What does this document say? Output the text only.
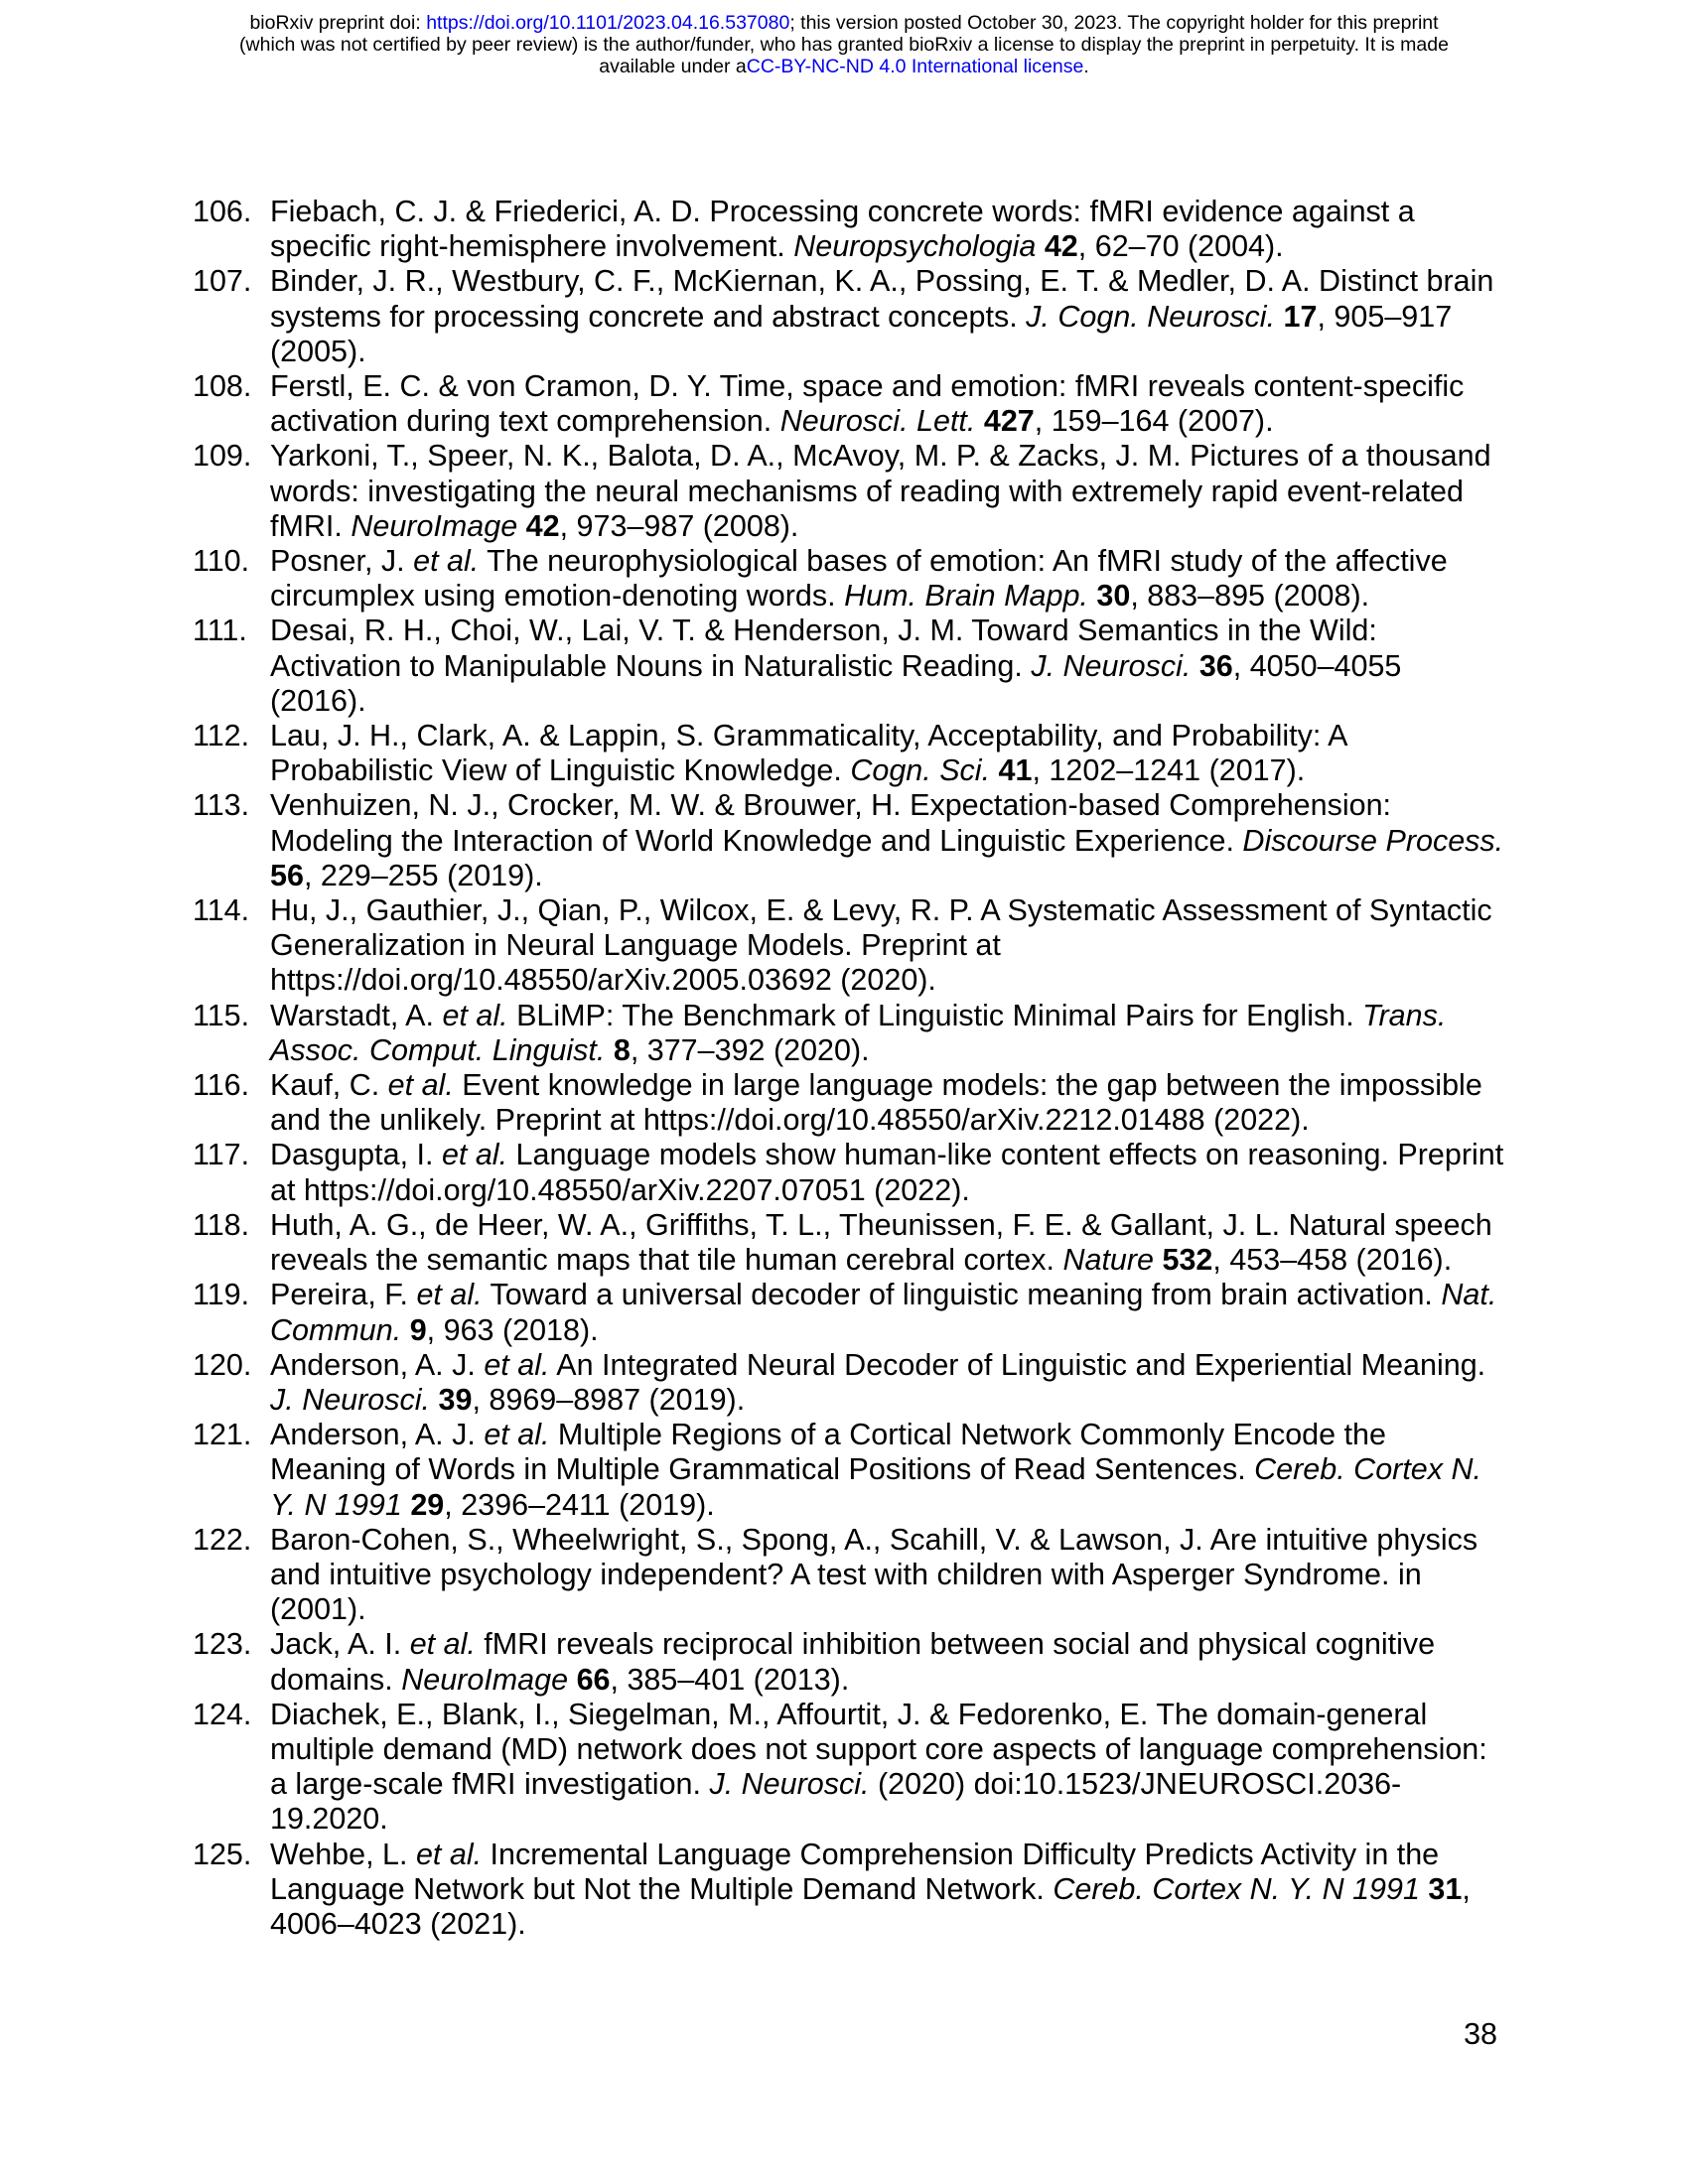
bioRxiv preprint doi: https://doi.org/10.1101/2023.04.16.537080; this version posted October 30, 2023. The copyright holder for this preprint
(which was not certified by peer review) is the author/funder, who has granted bioRxiv a license to display the preprint in perpetuity. It is made
available under aCC-BY-NC-ND 4.0 International license.
106. Fiebach, C. J. & Friederici, A. D. Processing concrete words: fMRI evidence against a specific right-hemisphere involvement. Neuropsychologia 42, 62–70 (2004).
107. Binder, J. R., Westbury, C. F., McKiernan, K. A., Possing, E. T. & Medler, D. A. Distinct brain systems for processing concrete and abstract concepts. J. Cogn. Neurosci. 17, 905–917 (2005).
108. Ferstl, E. C. & von Cramon, D. Y. Time, space and emotion: fMRI reveals content-specific activation during text comprehension. Neurosci. Lett. 427, 159–164 (2007).
109. Yarkoni, T., Speer, N. K., Balota, D. A., McAvoy, M. P. & Zacks, J. M. Pictures of a thousand words: investigating the neural mechanisms of reading with extremely rapid event-related fMRI. NeuroImage 42, 973–987 (2008).
110. Posner, J. et al. The neurophysiological bases of emotion: An fMRI study of the affective circumplex using emotion-denoting words. Hum. Brain Mapp. 30, 883–895 (2008).
111. Desai, R. H., Choi, W., Lai, V. T. & Henderson, J. M. Toward Semantics in the Wild: Activation to Manipulable Nouns in Naturalistic Reading. J. Neurosci. 36, 4050–4055 (2016).
112. Lau, J. H., Clark, A. & Lappin, S. Grammaticality, Acceptability, and Probability: A Probabilistic View of Linguistic Knowledge. Cogn. Sci. 41, 1202–1241 (2017).
113. Venhuizen, N. J., Crocker, M. W. & Brouwer, H. Expectation-based Comprehension: Modeling the Interaction of World Knowledge and Linguistic Experience. Discourse Process. 56, 229–255 (2019).
114. Hu, J., Gauthier, J., Qian, P., Wilcox, E. & Levy, R. P. A Systematic Assessment of Syntactic Generalization in Neural Language Models. Preprint at https://doi.org/10.48550/arXiv.2005.03692 (2020).
115. Warstadt, A. et al. BLiMP: The Benchmark of Linguistic Minimal Pairs for English. Trans. Assoc. Comput. Linguist. 8, 377–392 (2020).
116. Kauf, C. et al. Event knowledge in large language models: the gap between the impossible and the unlikely. Preprint at https://doi.org/10.48550/arXiv.2212.01488 (2022).
117. Dasgupta, I. et al. Language models show human-like content effects on reasoning. Preprint at https://doi.org/10.48550/arXiv.2207.07051 (2022).
118. Huth, A. G., de Heer, W. A., Griffiths, T. L., Theunissen, F. E. & Gallant, J. L. Natural speech reveals the semantic maps that tile human cerebral cortex. Nature 532, 453–458 (2016).
119. Pereira, F. et al. Toward a universal decoder of linguistic meaning from brain activation. Nat. Commun. 9, 963 (2018).
120. Anderson, A. J. et al. An Integrated Neural Decoder of Linguistic and Experiential Meaning. J. Neurosci. 39, 8969–8987 (2019).
121. Anderson, A. J. et al. Multiple Regions of a Cortical Network Commonly Encode the Meaning of Words in Multiple Grammatical Positions of Read Sentences. Cereb. Cortex N. Y. N 1991 29, 2396–2411 (2019).
122. Baron-Cohen, S., Wheelwright, S., Spong, A., Scahill, V. & Lawson, J. Are intuitive physics and intuitive psychology independent? A test with children with Asperger Syndrome. in (2001).
123. Jack, A. I. et al. fMRI reveals reciprocal inhibition between social and physical cognitive domains. NeuroImage 66, 385–401 (2013).
124. Diachek, E., Blank, I., Siegelman, M., Affourtit, J. & Fedorenko, E. The domain-general multiple demand (MD) network does not support core aspects of language comprehension: a large-scale fMRI investigation. J. Neurosci. (2020) doi:10.1523/JNEUROSCI.2036-19.2020.
125. Wehbe, L. et al. Incremental Language Comprehension Difficulty Predicts Activity in the Language Network but Not the Multiple Demand Network. Cereb. Cortex N. Y. N 1991 31, 4006–4023 (2021).
38
